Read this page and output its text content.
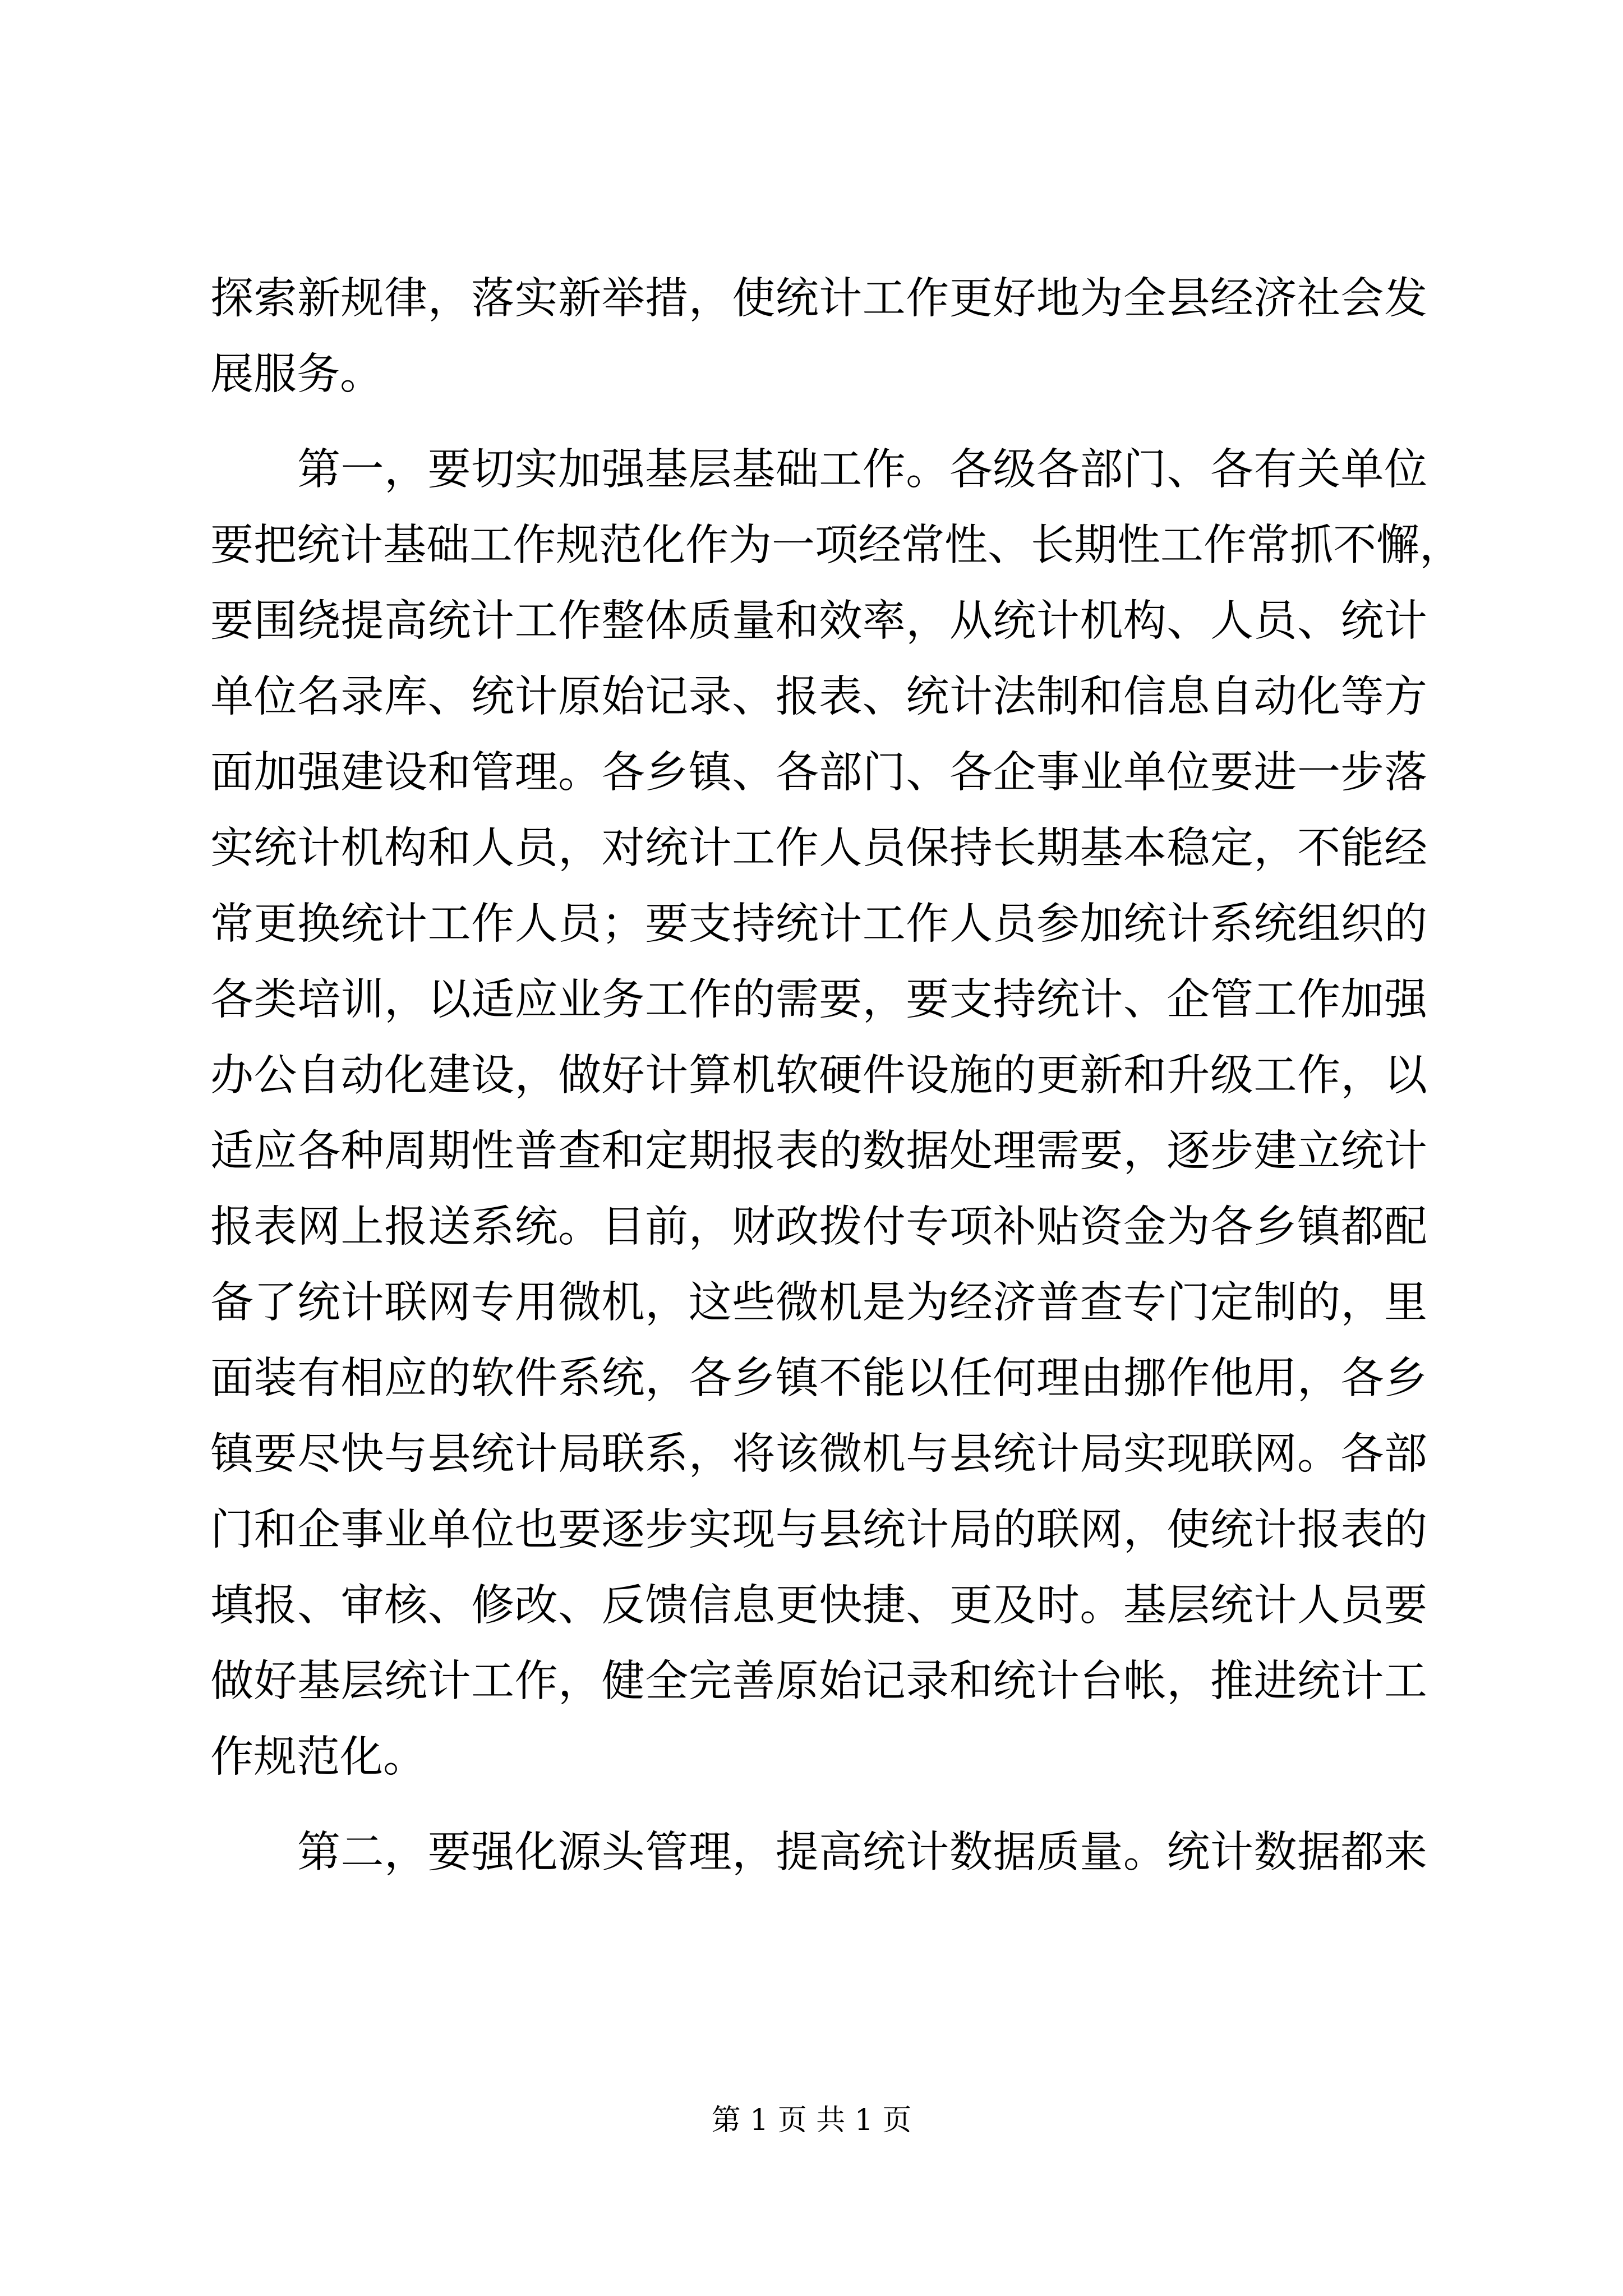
探索新规律，落实新举措，使统计工作更好地为全县经济社会发
展服务。
　　第一，要切实加强基层基础工作。各级各部门、各有关单位
要把统计基础工作规范化作为一项经常性、长期性工作常抓不懈，
要围绕提高统计工作整体质量和效率，从统计机构、人员、统计
单位名录库、统计原始记录、报表、统计法制和信息自动化等方
面加强建设和管理。各乡镇、各部门、各企事业单位要进一步落
实统计机构和人员，对统计工作人员保持长期基本稳定，不能经
常更换统计工作人员；要支持统计工作人员参加统计系统组织的
各类培训，以适应业务工作的需要，要支持统计、企管工作加强
办公自动化建设，做好计算机软硬件设施的更新和升级工作，以
适应各种周期性普查和定期报表的数据处理需要，逐步建立统计
报表网上报送系统。目前，财政拨付专项补贴资金为各乡镇都配
备了统计联网专用微机，这些微机是为经济普查专门定制的，里
面装有相应的软件系统，各乡镇不能以任何理由挪作他用，各乡
镇要尽快与县统计局联系，将该微机与县统计局实现联网。各部
门和企事业单位也要逐步实现与县统计局的联网，使统计报表的
填报、审核、修改、反馈信息更快捷、更及时。基层统计人员要
做好基层统计工作，健全完善原始记录和统计台帐，推进统计工
作规范化。
　　第二，要强化源头管理，提高统计数据质量。统计数据都来
第 1 页 共 1 页
